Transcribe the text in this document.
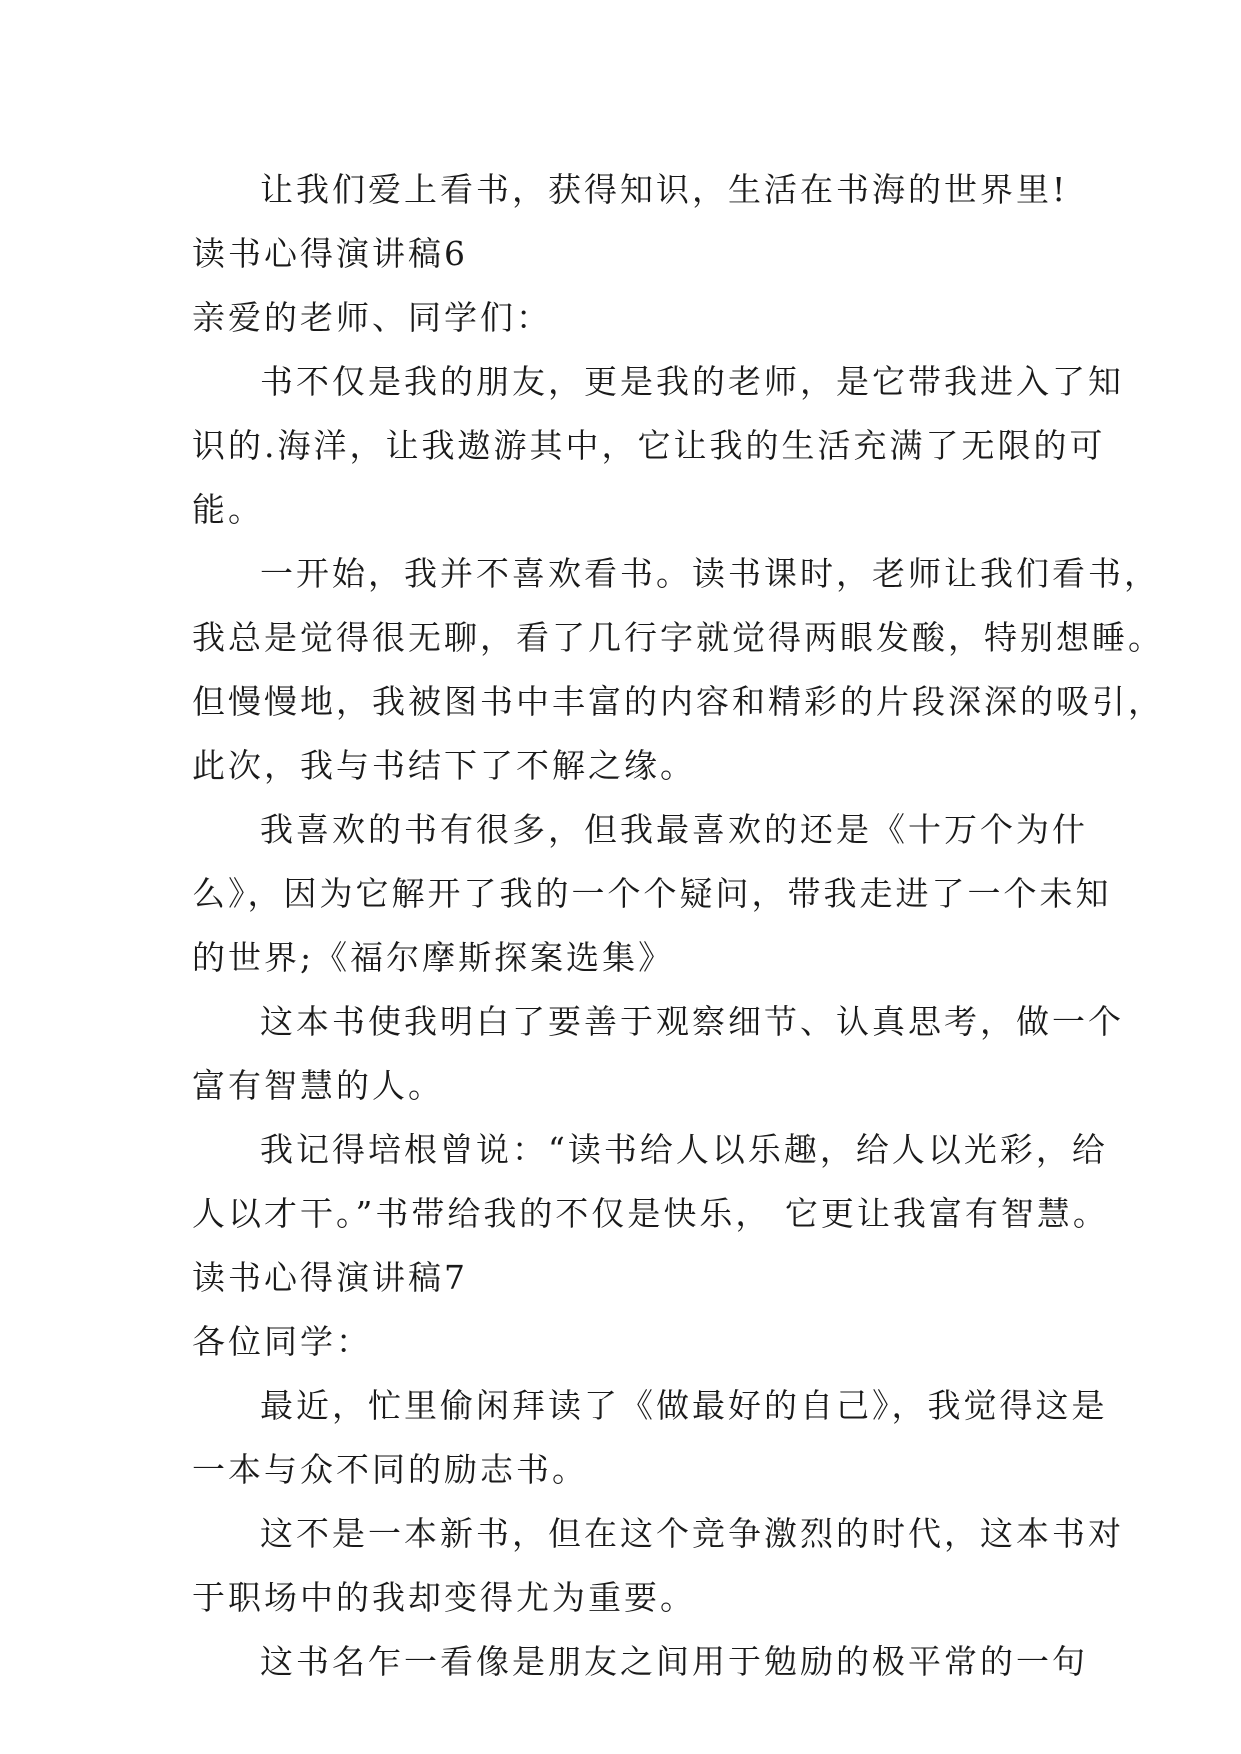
让我们爱上看书，获得知识，生活在书海的世界里!
读书心得演讲稿6
亲爱的老师、同学们：
书不仅是我的朋友，更是我的老师，是它带我进入了知
识的.海洋，让我遨游其中，它让我的生活充满了无限的可
能。
一开始，我并不喜欢看书。读书课时，老师让我们看书，
我总是觉得很无聊，看了几行字就觉得两眼发酸，特别想睡。
但慢慢地，我被图书中丰富的内容和精彩的片段深深的吸引，
此次，我与书结下了不解之缘。
我喜欢的书有很多，但我最喜欢的还是《十万个为什
么》，因为它解开了我的一个个疑问，带我走进了一个未知
的世界;《福尔摩斯探案选集》
这本书使我明白了要善于观察细节、认真思考，做一个
富有智慧的人。
我记得培根曾说：“读书给人以乐趣，给人以光彩，给
人以才干。”书带给我的不仅是快乐， 它更让我富有智慧。
读书心得演讲稿7
各位同学：
最近，忙里偷闲拜读了《做最好的自己》，我觉得这是
一本与众不同的励志书。
这不是一本新书，但在这个竞争激烈的时代，这本书对
于职场中的我却变得尤为重要。
这书名乍一看像是朋友之间用于勉励的极平常的一句
